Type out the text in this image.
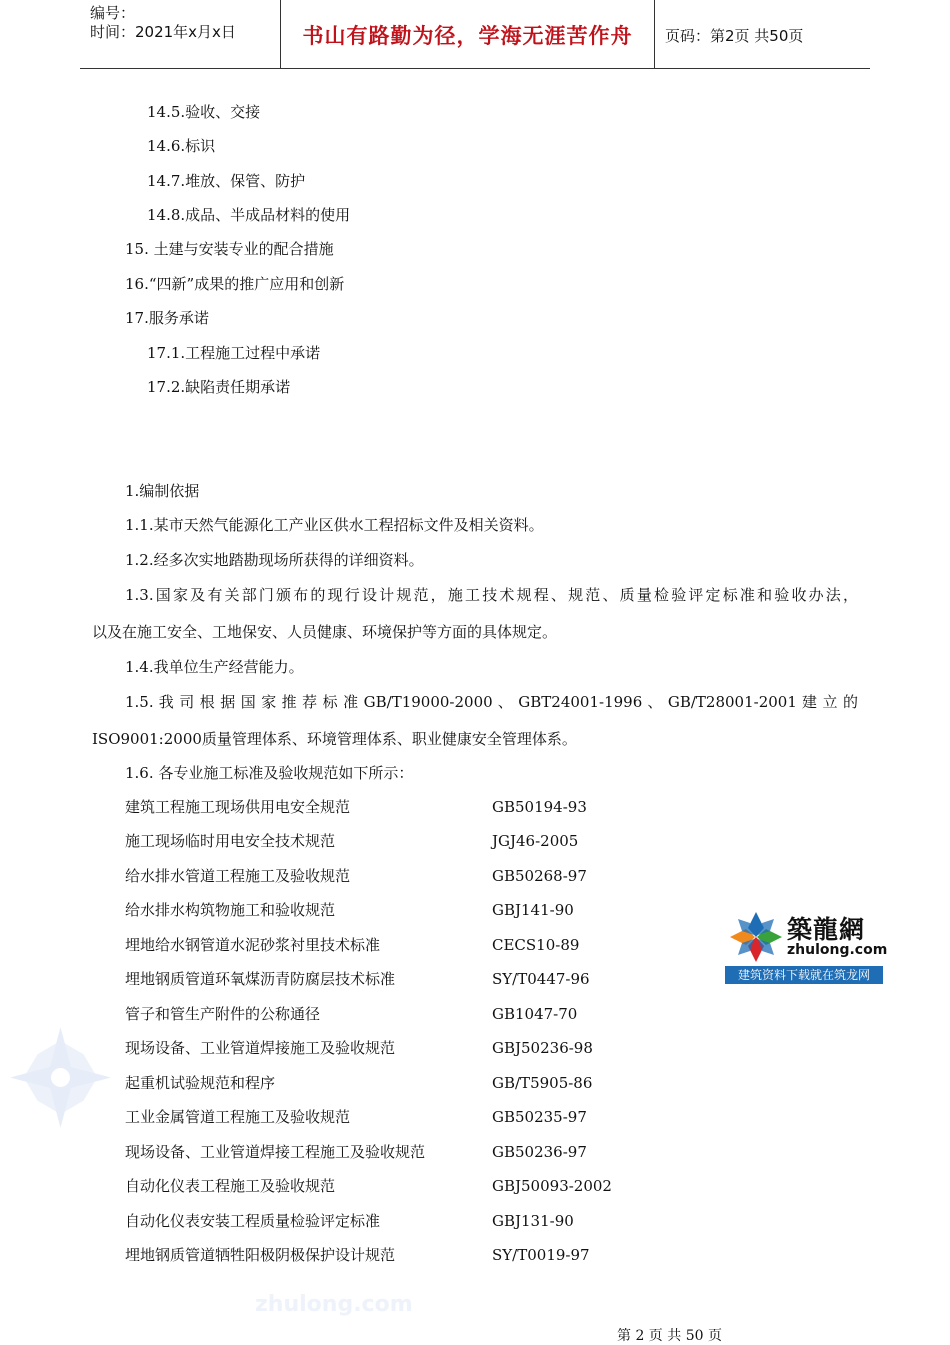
编号：
时间：2021年x月x日	书山有路勤为径，学海无涯苦作舟	页码：第2页 共50页
14.5.验收、交接
14.6.标识
14.7.堆放、保管、防护
14.8.成品、半成品材料的使用
15. 土建与安装专业的配合措施
16.“四新”成果的推广应用和创新
17.服务承诺
17.1.工程施工过程中承诺
17.2.缺陷责任期承诺
1.编制依据
1.1.某市天然气能源化工产业区供水工程招标文件及相关资料。
1.2.经多次实地踏勘现场所获得的详细资料。
1.3.国家及有关部门颁布的现行设计规范，施工技术规程、规范、质量检验评定标准和验收办法，
以及在施工安全、工地保安、人员健康、环境保护等方面的具体规定。
1.4.我单位生产经营能力。
1.5. 我 司 根 据 国 家 推 荐 标 准 GB/T19000-2000 、 GBT24001-1996 、 GB/T28001-2001 建 立 的
ISO9001:2000质量管理体系、环境管理体系、职业健康安全管理体系。
1.6. 各专业施工标准及验收规范如下所示：
建筑工程施工现场供用电安全规范	GB50194-93
施工现场临时用电安全技术规范	JGJ46-2005
给水排水管道工程施工及验收规范	GB50268-97
给水排水构筑物施工和验收规范	GBJ141-90
埋地给水钢管道水泥砂浆衬里技术标准	CECS10-89
埋地钢质管道环氧煤沥青防腐层技术标准	SY/T0447-96
管子和管生产附件的公称通径	GB1047-70
现场设备、工业管道焊接施工及验收规范	GBJ50236-98
起重机试验规范和程序	GB/T5905-86
工业金属管道工程施工及验收规范	GB50235-97
现场设备、工业管道焊接工程施工及验收规范	GB50236-97
自动化仪表工程施工及验收规范	GBJ50093-2002
自动化仪表安装工程质量检验评定标准	GBJ131-90
埋地钢质管道牺牲阳极阴极保护设计规范	SY/T0019-97
築龍網
zhulong.com
建筑资料下载就在筑龙网
zhulong.com
第 2 页 共 50 页
